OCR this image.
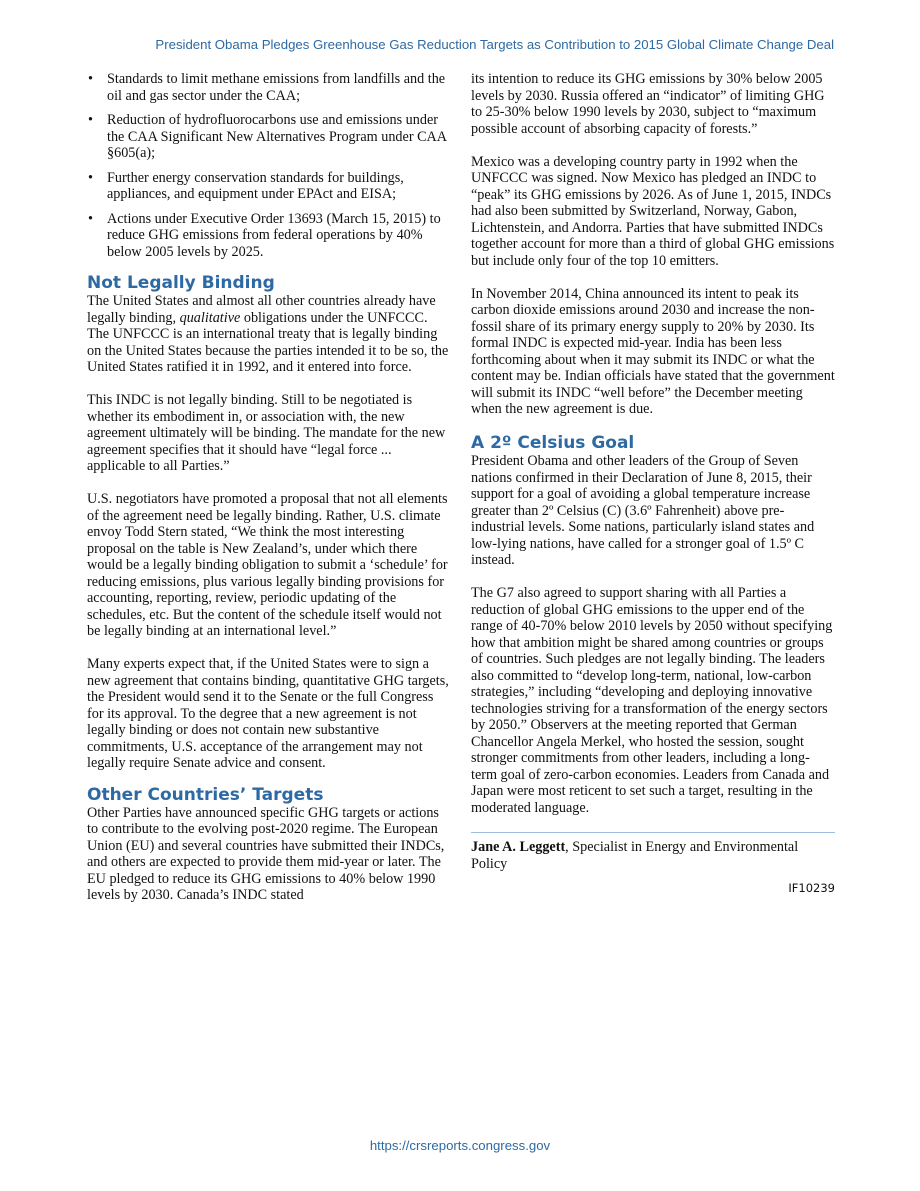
President Obama Pledges Greenhouse Gas Reduction Targets as Contribution to 2015 Global Climate Change Deal
• Standards to limit methane emissions from landfills and the oil and gas sector under the CAA;
• Reduction of hydrofluorocarbons use and emissions under the CAA Significant New Alternatives Program under CAA §605(a);
• Further energy conservation standards for buildings, appliances, and equipment under EPAct and EISA;
• Actions under Executive Order 13693 (March 15, 2015) to reduce GHG emissions from federal operations by 40% below 2005 levels by 2025.
Not Legally Binding

The United States and almost all other countries already have legally binding, qualitative obligations under the UNFCCC. The UNFCCC is an international treaty that is legally binding on the United States because the parties intended it to be so, the United States ratified it in 1992, and it entered into force.

This INDC is not legally binding. Still to be negotiated is whether its embodiment in, or association with, the new agreement ultimately will be binding. The mandate for the new agreement specifies that it should have “legal force ... applicable to all Parties.”

U.S. negotiators have promoted a proposal that not all elements of the agreement need be legally binding. Rather, U.S. climate envoy Todd Stern stated, “We think the most interesting proposal on the table is New Zealand’s, under which there would be a legally binding obligation to submit a ‘schedule’ for reducing emissions, plus various legally binding provisions for accounting, reporting, review, periodic updating of the schedules, etc. But the content of the schedule itself would not be legally binding at an international level.”

Many experts expect that, if the United States were to sign a new agreement that contains binding, quantitative GHG targets, the President would send it to the Senate or the full Congress for its approval. To the degree that a new agreement is not legally binding or does not contain new substantive commitments, U.S. acceptance of the arrangement may not legally require Senate advice and consent.

Other Countries’ Targets

Other Parties have announced specific GHG targets or actions to contribute to the evolving post-2020 regime. The European Union (EU) and several countries have submitted their INDCs, and others are expected to provide them mid-year or later. The EU pledged to reduce its GHG emissions to 40% below 1990 levels by 2030. Canada’s INDC stated

its intention to reduce its GHG emissions by 30% below 2005 levels by 2030. Russia offered an “indicator” of limiting GHG to 25-30% below 1990 levels by 2030, subject to “maximum possible account of absorbing capacity of forests.”

Mexico was a developing country party in 1992 when the UNFCCC was signed. Now Mexico has pledged an INDC to “peak” its GHG emissions by 2026. As of June 1, 2015, INDCs had also been submitted by Switzerland, Norway, Gabon, Lichtenstein, and Andorra. Parties that have submitted INDCs together account for more than a third of global GHG emissions but include only four of the top 10 emitters.

In November 2014, China announced its intent to peak its carbon dioxide emissions around 2030 and increase the non-fossil share of its primary energy supply to 20% by 2030. Its formal INDC is expected mid-year. India has been less forthcoming about when it may submit its INDC or what the content may be. Indian officials have stated that the government will submit its INDC “well before” the December meeting when the new agreement is due.

A 2º Celsius Goal

President Obama and other leaders of the Group of Seven nations confirmed in their Declaration of June 8, 2015, their support for a goal of avoiding a global temperature increase greater than 2º Celsius (C) (3.6º Fahrenheit) above pre-industrial levels. Some nations, particularly island states and low-lying nations, have called for a stronger goal of 1.5º C instead.

The G7 also agreed to support sharing with all Parties a reduction of global GHG emissions to the upper end of the range of 40-70% below 2010 levels by 2050 without specifying how that ambition might be shared among countries or groups of countries. Such pledges are not legally binding. The leaders also committed to “develop long-term, national, low-carbon strategies,” including “developing and deploying innovative technologies striving for a transformation of the energy sectors by 2050.” Observers at the meeting reported that German Chancellor Angela Merkel, who hosted the session, sought stronger commitments from other leaders, including a long-term goal of zero-carbon economies. Leaders from Canada and Japan were most reticent to set such a target, resulting in the moderated language.

Jane A. Leggett, Specialist in Energy and Environmental Policy
IF10239
https://crsreports.congress.gov
